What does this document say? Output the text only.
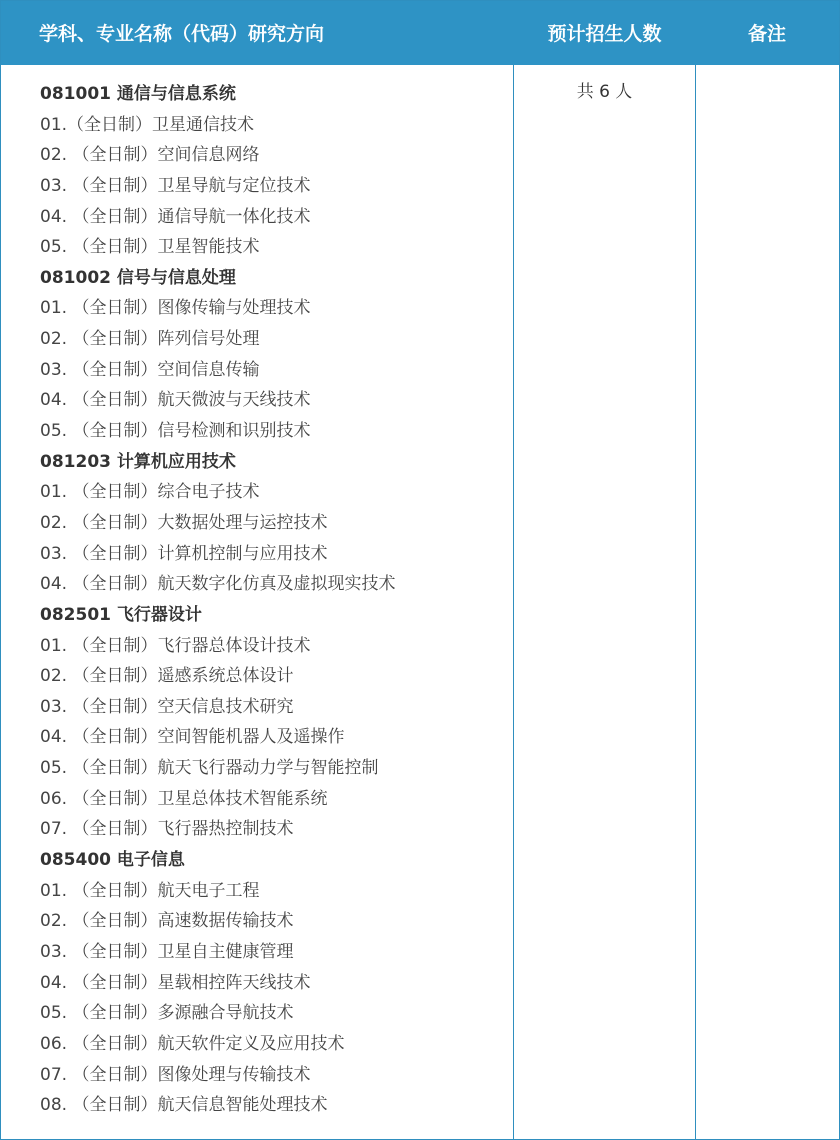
学科、专业名称（代码）研究方向	预计招生人数	备注
081001 通信与信息系统
01.（全日制）卫星通信技术
02. （全日制）空间信息网络
03. （全日制）卫星导航与定位技术
04. （全日制）通信导航一体化技术
05. （全日制）卫星智能技术
081002 信号与信息处理
01. （全日制）图像传输与处理技术
02. （全日制）阵列信号处理
03. （全日制）空间信息传输
04. （全日制）航天微波与天线技术
05. （全日制）信号检测和识别技术
081203 计算机应用技术
01. （全日制）综合电子技术
02. （全日制）大数据处理与运控技术
03. （全日制）计算机控制与应用技术
04. （全日制）航天数字化仿真及虚拟现实技术
082501 飞行器设计
01. （全日制）飞行器总体设计技术
02. （全日制）遥感系统总体设计
03. （全日制）空天信息技术研究
04. （全日制）空间智能机器人及遥操作
05. （全日制）航天飞行器动力学与智能控制
06. （全日制）卫星总体技术智能系统
07. （全日制）飞行器热控制技术
085400 电子信息
01. （全日制）航天电子工程
02. （全日制）高速数据传输技术
03. （全日制）卫星自主健康管理
04. （全日制）星载相控阵天线技术
05. （全日制）多源融合导航技术
06. （全日制）航天软件定义及应用技术
07. （全日制）图像处理与传输技术
08. （全日制）航天信息智能处理技术
共 6 人
